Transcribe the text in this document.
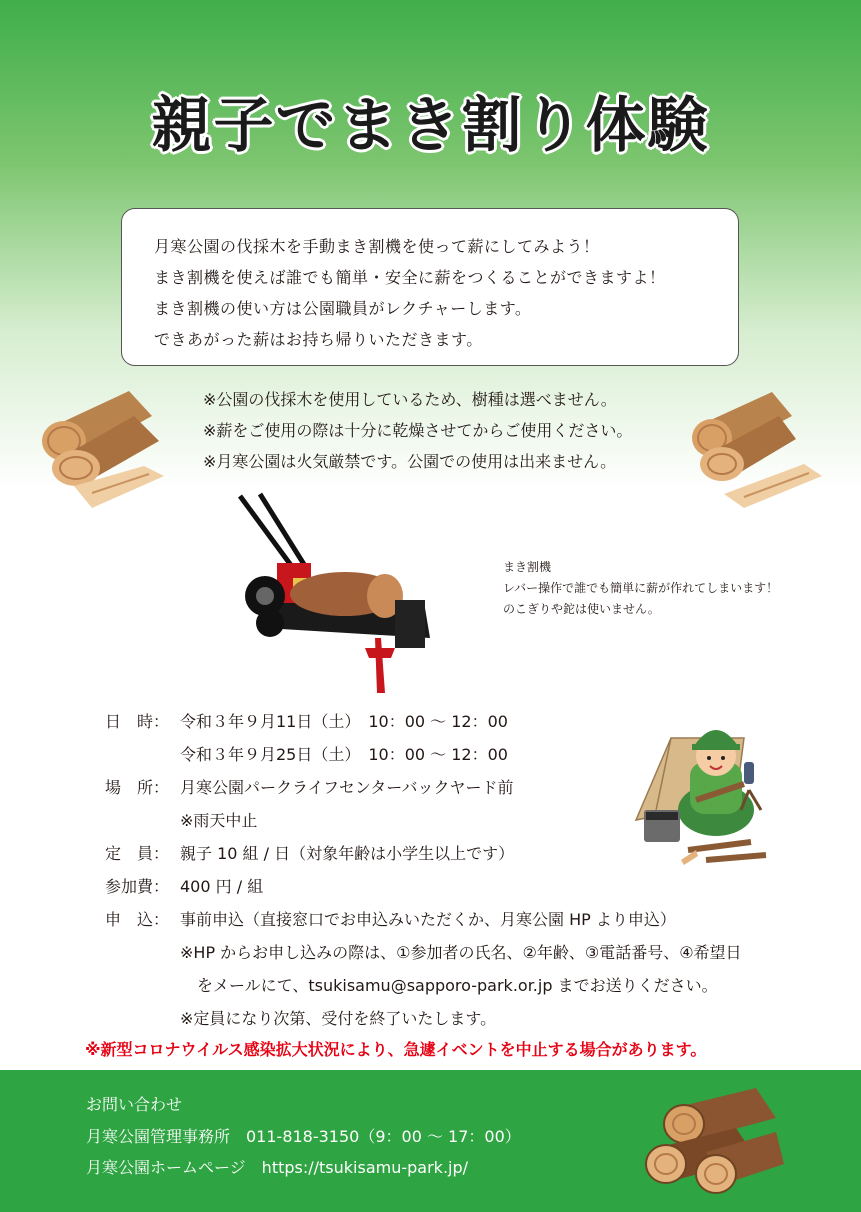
親子でまき割り体験

月寒公園の伐採木を手動まき割機を使って薪にしてみよう！

まき割機を使えば誰でも簡単・安全に薪をつくることができますよ！

まき割機の使い方は公園職員がレクチャーします。

できあがった薪はお持ち帰りいただきます。

※公園の伐採木を使用しているため、樹種は選べません。

※薪をご使用の際は十分に乾燥させてからご使用ください。

※月寒公園は火気厳禁です。公園での使用は出来ません。

まき割機
レバー操作で誰でも簡単に薪が作れてしまいます！
のこぎりや鉈は使いません。
日　時： 令和３年９月11日（土）　10：00 ～ 12：00
令和３年９月25日（土）　10：00 ～ 12：00
場　所： 月寒公園パークライフセンターバックヤード前
※雨天中止
定　員： 親子 10 組 / 日（対象年齢は小学生以上です）
参加費： 400 円 / 組
申　込： 事前申込（直接窓口でお申込みいただくか、月寒公園 HP より申込）
※HP からお申し込みの際は、①参加者の氏名、②年齢、③電話番号、④希望日
をメールにて、tsukisamu@sapporo-park.or.jp までお送りください。
※定員になり次第、受付を終了いたします。
※新型コロナウイルス感染拡大状況により、急遽イベントを中止する場合があります。

お問い合わせ

月寒公園管理事務所　011-818-3150（9：00 ～ 17：00）

月寒公園ホームページ　https://tsukisamu-park.jp/
